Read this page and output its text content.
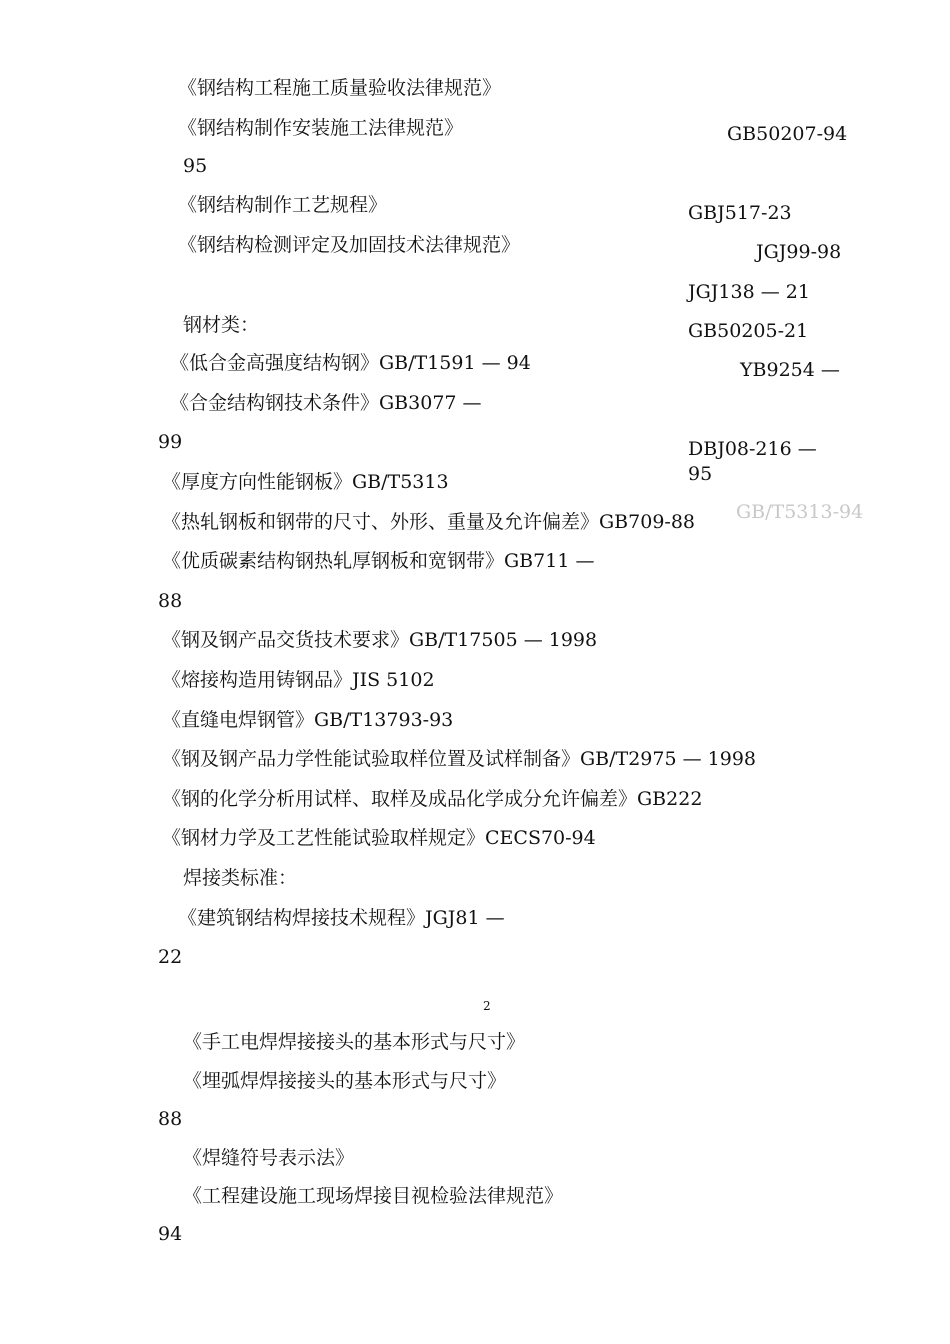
《钢结构工程施工质量验收法律规范》
《钢结构制作安装施工法律规范》
95
《钢结构制作工艺规程》
《钢结构检测评定及加固技术法律规范》
钢材类：
《低合金高强度结构钢》GB/T1591 — 94
《合金结构钢技术条件》GB3077 —
99
《厚度方向性能钢板》GB/T5313
《热轧钢板和钢带的尺寸、外形、重量及允许偏差》GB709-88
《优质碳素结构钢热轧厚钢板和宽钢带》GB711 —
88
《钢及钢产品交货技术要求》GB/T17505 — 1998
《熔接构造用铸钢品》JIS 5102
《直缝电焊钢管》GB/T13793-93
《钢及钢产品力学性能试验取样位置及试样制备》GB/T2975 — 1998
《钢的化学分析用试样、取样及成品化学成分允许偏差》GB222
《钢材力学及工艺性能试验取样规定》CECS70-94
焊接类标准：
《建筑钢结构焊接技术规程》JGJ81 —
22
GB50207-94
GBJ517-23
JGJ99-98
JGJ138 — 21
GB50205-21
YB9254 —
DBJ08-216 —
95
GB/T5313-94
2
《手工电焊焊接接头的基本形式与尺寸》
《埋弧焊焊接接头的基本形式与尺寸》
88
《焊缝符号表示法》
《工程建设施工现场焊接目视检验法律规范》
94
